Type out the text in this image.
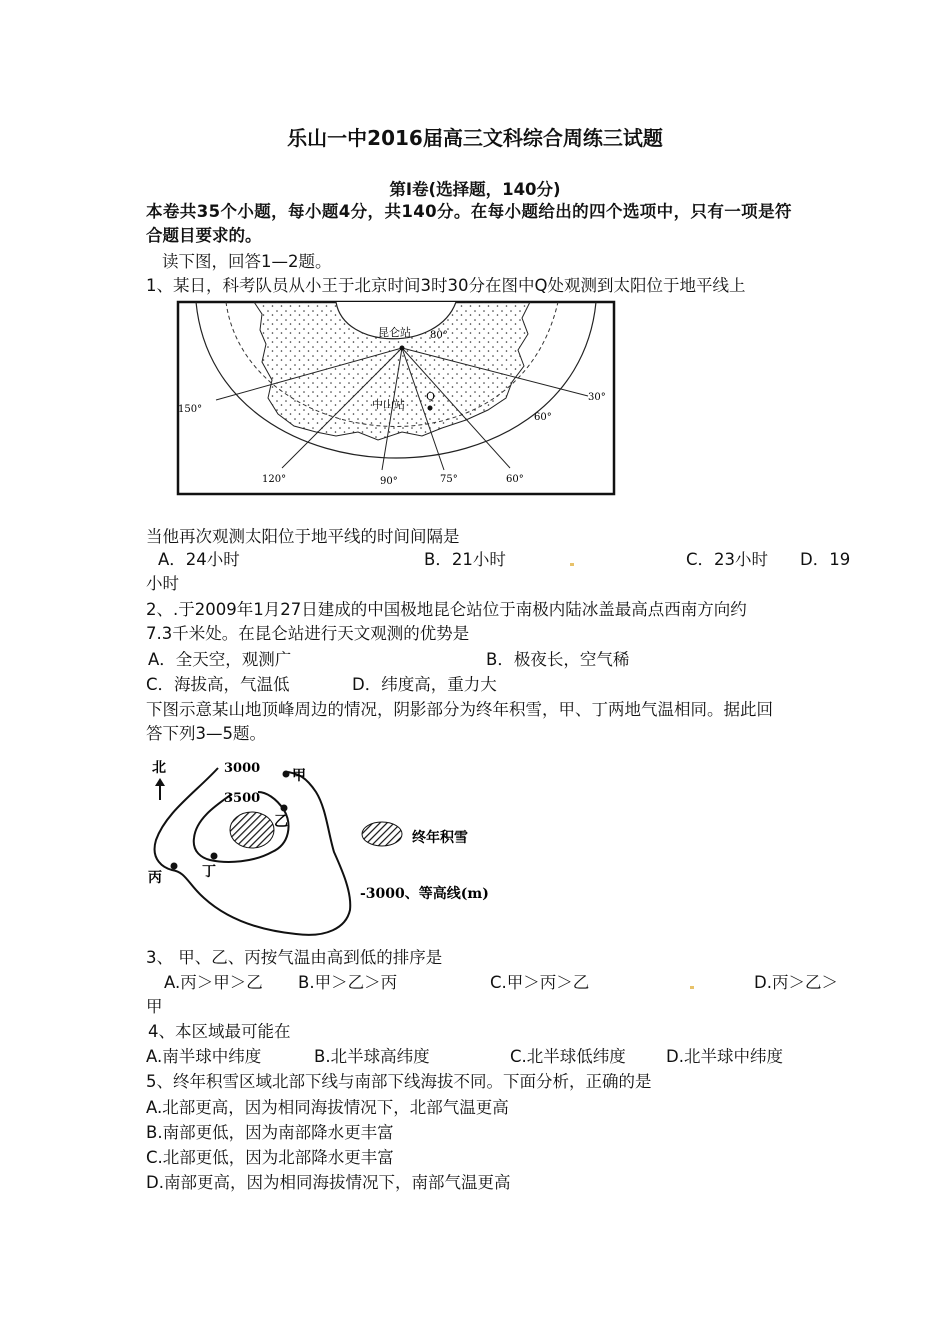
乐山一中2016届高三文科综合周练三试题
第Ⅰ卷(选择题，140分)
本卷共35个小题，每小题4分，共140分。在每小题给出的四个选项中，只有一项是符
合题目要求的。
读下图，回答1—2题。
1、某日，科考队员从小王于北京时间3时30分在图中Q处观测到太阳位于地平线上
昆仑站 80°
中山站
Q
60°
150°
120°	90°	75°	60°
30°
当他再次观测太阳位于地平线的时间间隔是
A．24小时	B．21小时	C．23小时 D．19
小时
2、.于2009年1月27日建成的中国极地昆仑站位于南极内陆冰盖最高点西南方向约
7.3千米处。在昆仑站进行天文观测的优势是
A．全天空，观测广	B．极夜长，空气稀
C．海拔高，气温低	D．纬度高，重力大
下图示意某山地顶峰周边的情况，阴影部分为终年积雪，甲、丁两地气温相同。据此回
答下列3—5题。
北	3000
3500
甲
乙
丙	丁
终年积雪
-3000、等高线(m)
3、 甲、乙、丙按气温由高到低的排序是
A.丙＞甲＞乙 B.甲＞乙＞丙	C.甲＞丙＞乙	D.丙＞乙＞
甲
4、本区域最可能在
A.南半球中纬度	B.北半球高纬度	C.北半球低纬度 D.北半球中纬度
5、终年积雪区域北部下线与南部下线海拔不同。下面分析，正确的是
A.北部更高，因为相同海拔情况下，北部气温更高
B.南部更低，因为南部降水更丰富
C.北部更低，因为北部降水更丰富
D.南部更高，因为相同海拔情况下，南部气温更高
